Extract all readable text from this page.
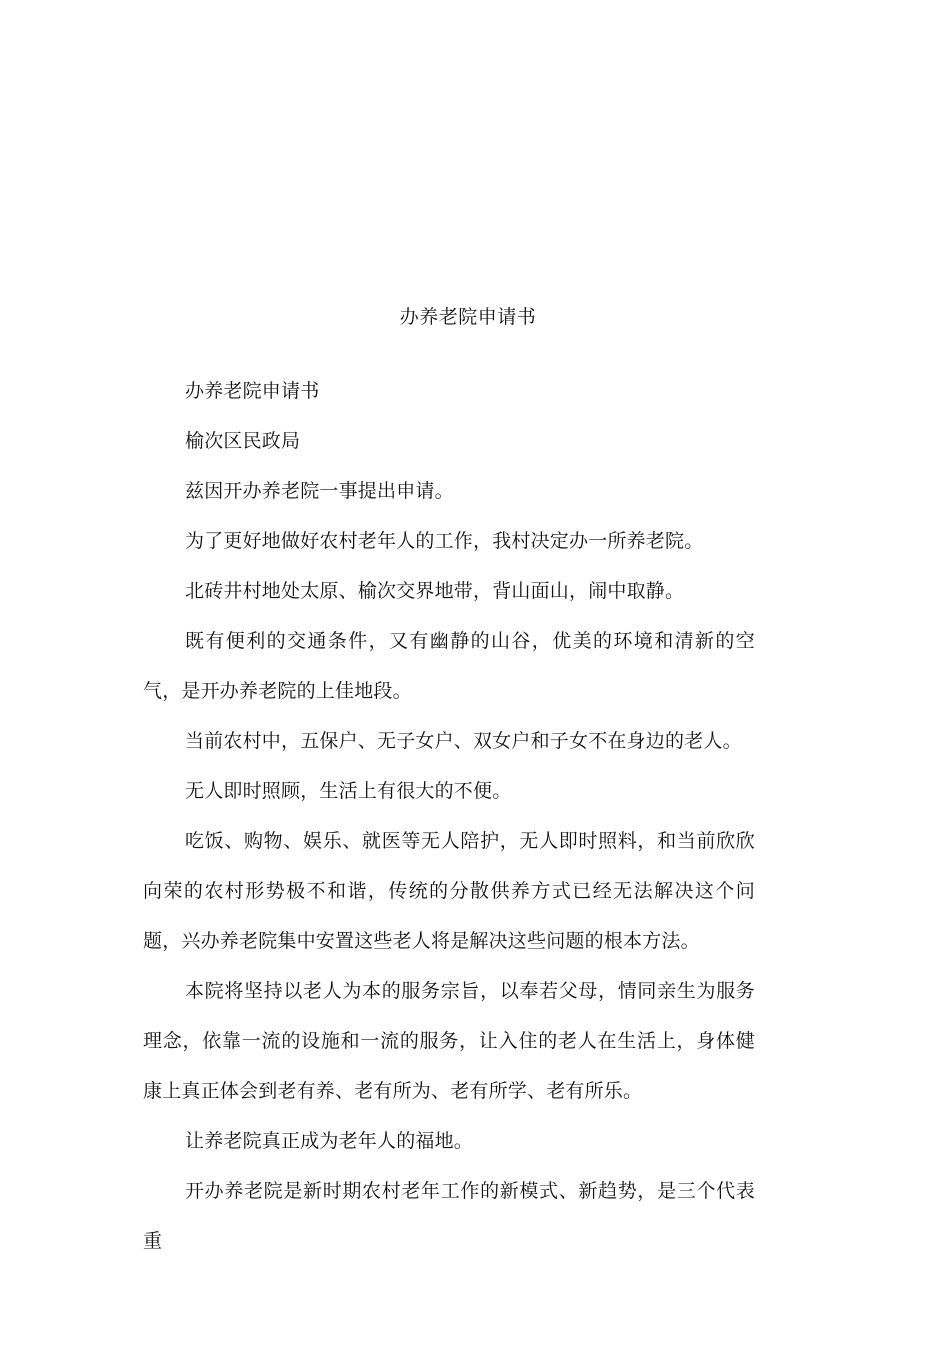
办养老院申请书

办养老院申请书

榆次区民政局

兹因开办养老院一事提出申请。

为了更好地做好农村老年人的工作，我村决定办一所养老院。

北砖井村地处太原、榆次交界地带，背山面山，闹中取静。

既有便利的交通条件，又有幽静的山谷，优美的环境和清新的空气，是开办养老院的上佳地段。

当前农村中，五保户、无子女户、双女户和子女不在身边的老人。

无人即时照顾，生活上有很大的不便。

吃饭、购物、娱乐、就医等无人陪护，无人即时照料，和当前欣欣向荣的农村形势极不和谐，传统的分散供养方式已经无法解决这个问题，兴办养老院集中安置这些老人将是解决这些问题的根本方法。

本院将坚持以老人为本的服务宗旨，以奉若父母，情同亲生为服务理念，依靠一流的设施和一流的服务，让入住的老人在生活上，身体健康上真正体会到老有养、老有所为、老有所学、老有所乐。

让养老院真正成为老年人的福地。

开办养老院是新时期农村老年工作的新模式、新趋势，是三个代表重
